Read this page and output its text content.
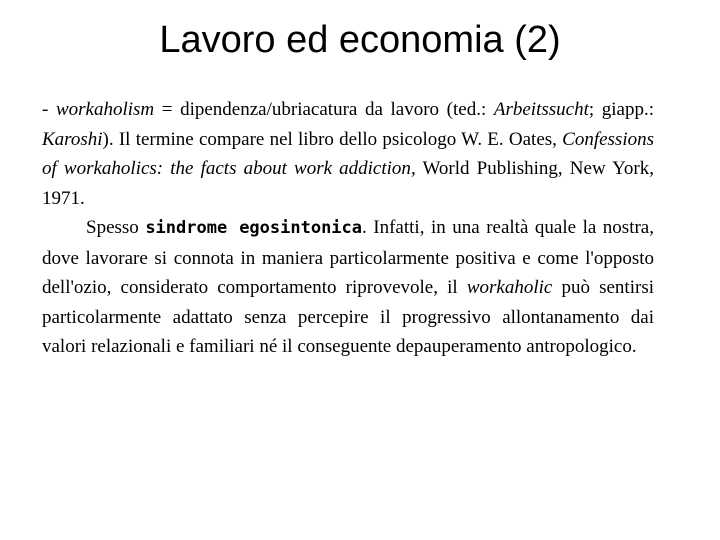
Lavoro ed economia (2)

- workaholism = dipendenza/ubriacatura da lavoro (ted.: Arbeitssucht; giapp.: Karoshi). Il termine compare nel libro dello psicologo W. E. Oates, Confessions of workaholics: the facts about work addiction, World Publishing, New York, 1971.

Spesso sindrome egosintonica. Infatti, in una realtà quale la nostra, dove lavorare si connota in maniera particolarmente positiva e come l'opposto dell'ozio, considerato comportamento riprovevole, il workaholic può sentirsi particolarmente adattato senza percepire il progressivo allontanamento dai valori relazionali e familiari né il conseguente depauperamento antropologico.
